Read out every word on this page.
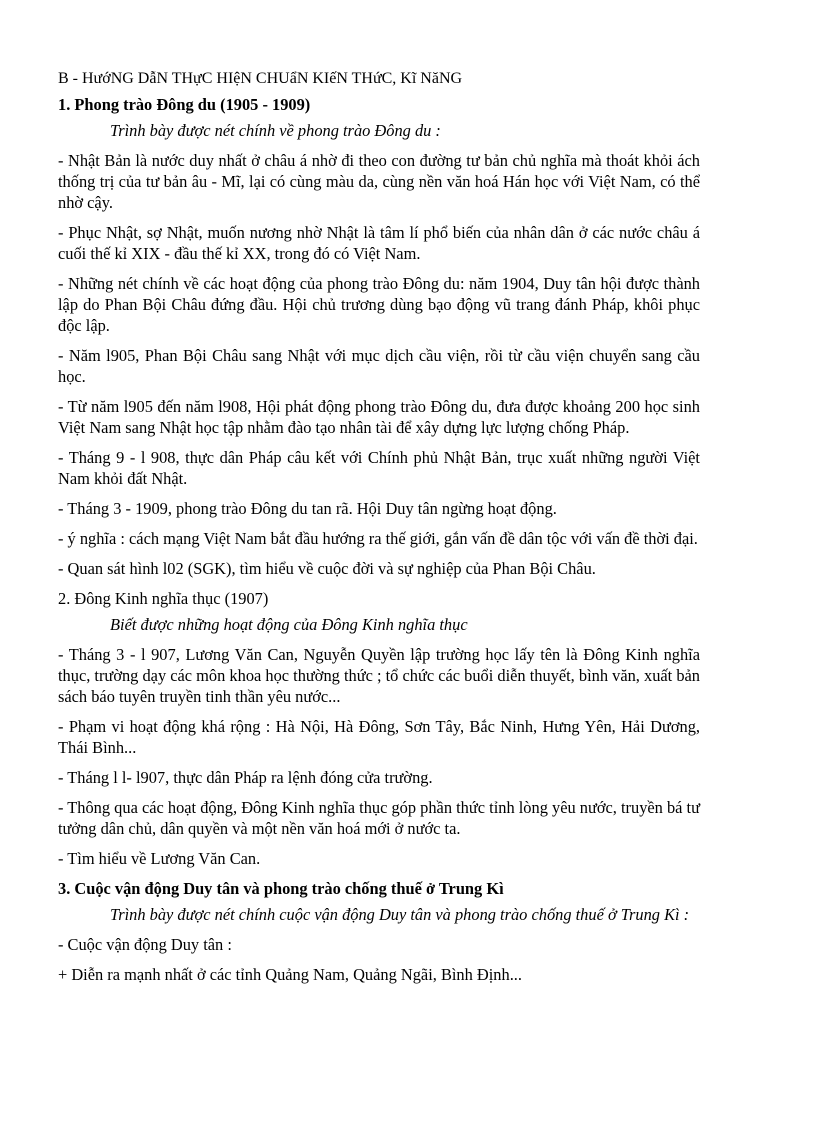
B - HướNG DẫN THựC HIệN CHUẩN KIếN THứC, Kĩ NăNG

1. Phong trào Đông du (1905 - 1909)

Trình bày được nét chính về phong trào Đông du :

- Nhật Bản là nước duy nhất ở châu á nhờ đi theo con đường tư bản chủ nghĩa mà thoát khỏi ách thống trị của tư bản âu - Mĩ, lại có cùng màu da, cùng nền văn hoá Hán học với Việt Nam, có thể nhờ cậy.

- Phục Nhật, sợ Nhật, muốn nương nhờ Nhật là tâm lí phổ biến của nhân dân ở các nước châu á cuối thế kỉ XIX - đầu thế kỉ XX, trong đó có Việt Nam.

- Những nét chính về các hoạt động của phong trào Đông du: năm 1904, Duy tân hội được thành lập do Phan Bội Châu đứng đầu. Hội chủ trương dùng bạo động vũ trang đánh Pháp, khôi phục độc lập.

- Năm l905, Phan Bội Châu sang Nhật với mục dịch cầu viện, rồi từ cầu viện chuyển sang cầu học.

- Từ năm l905 đến năm l908, Hội phát động phong trào Đông du, đưa được khoảng 200 học sinh Việt Nam sang Nhật học tập nhằm đào tạo nhân tài để xây dựng lực lượng chống Pháp.

- Tháng 9 - l 908, thực dân Pháp câu kết với Chính phủ Nhật Bản, trục xuất những người Việt Nam khỏi đất Nhật.

- Tháng 3 - 1909, phong trào Đông du tan rã. Hội Duy tân ngừng hoạt động.

- ý nghĩa : cách mạng Việt Nam bắt đầu hướng ra thế giới, gắn vấn đề dân tộc với vấn đề thời đại.

- Quan sát hình l02 (SGK), tìm hiểu về cuộc đời và sự nghiệp của Phan Bội Châu.

2. Đông Kinh nghĩa thục (1907)

Biết được những hoạt động của Đông Kinh nghĩa thục

- Tháng 3 - l 907, Lương Văn Can, Nguyễn Quyền lập trường học lấy tên là Đông Kinh nghĩa thục, trường dạy các môn khoa học thường thức ; tổ chức các buổi diễn thuyết, bình văn, xuất bản sách báo tuyên truyền tinh thần yêu nước...

- Phạm vi hoạt động khá rộng : Hà Nội, Hà Đông, Sơn Tây, Bắc Ninh, Hưng Yên, Hải Dương, Thái Bình...

- Tháng l l- l907, thực dân Pháp ra lệnh đóng cửa trường.

- Thông qua các hoạt động, Đông Kinh nghĩa thục góp phần thức tỉnh lòng yêu nước, truyền bá tư tưởng dân chủ, dân quyền và một nền văn hoá mới ở nước ta.

- Tìm hiểu về Lương Văn Can.

3. Cuộc vận động Duy tân và phong trào chống thuế ở Trung Kì

Trình bày được nét chính cuộc vận động Duy tân và phong trào chống thuế ở Trung Kì :

- Cuộc vận động Duy tân :

+ Diễn ra mạnh nhất ở các tỉnh Quảng Nam, Quảng Ngãi, Bình Định...
